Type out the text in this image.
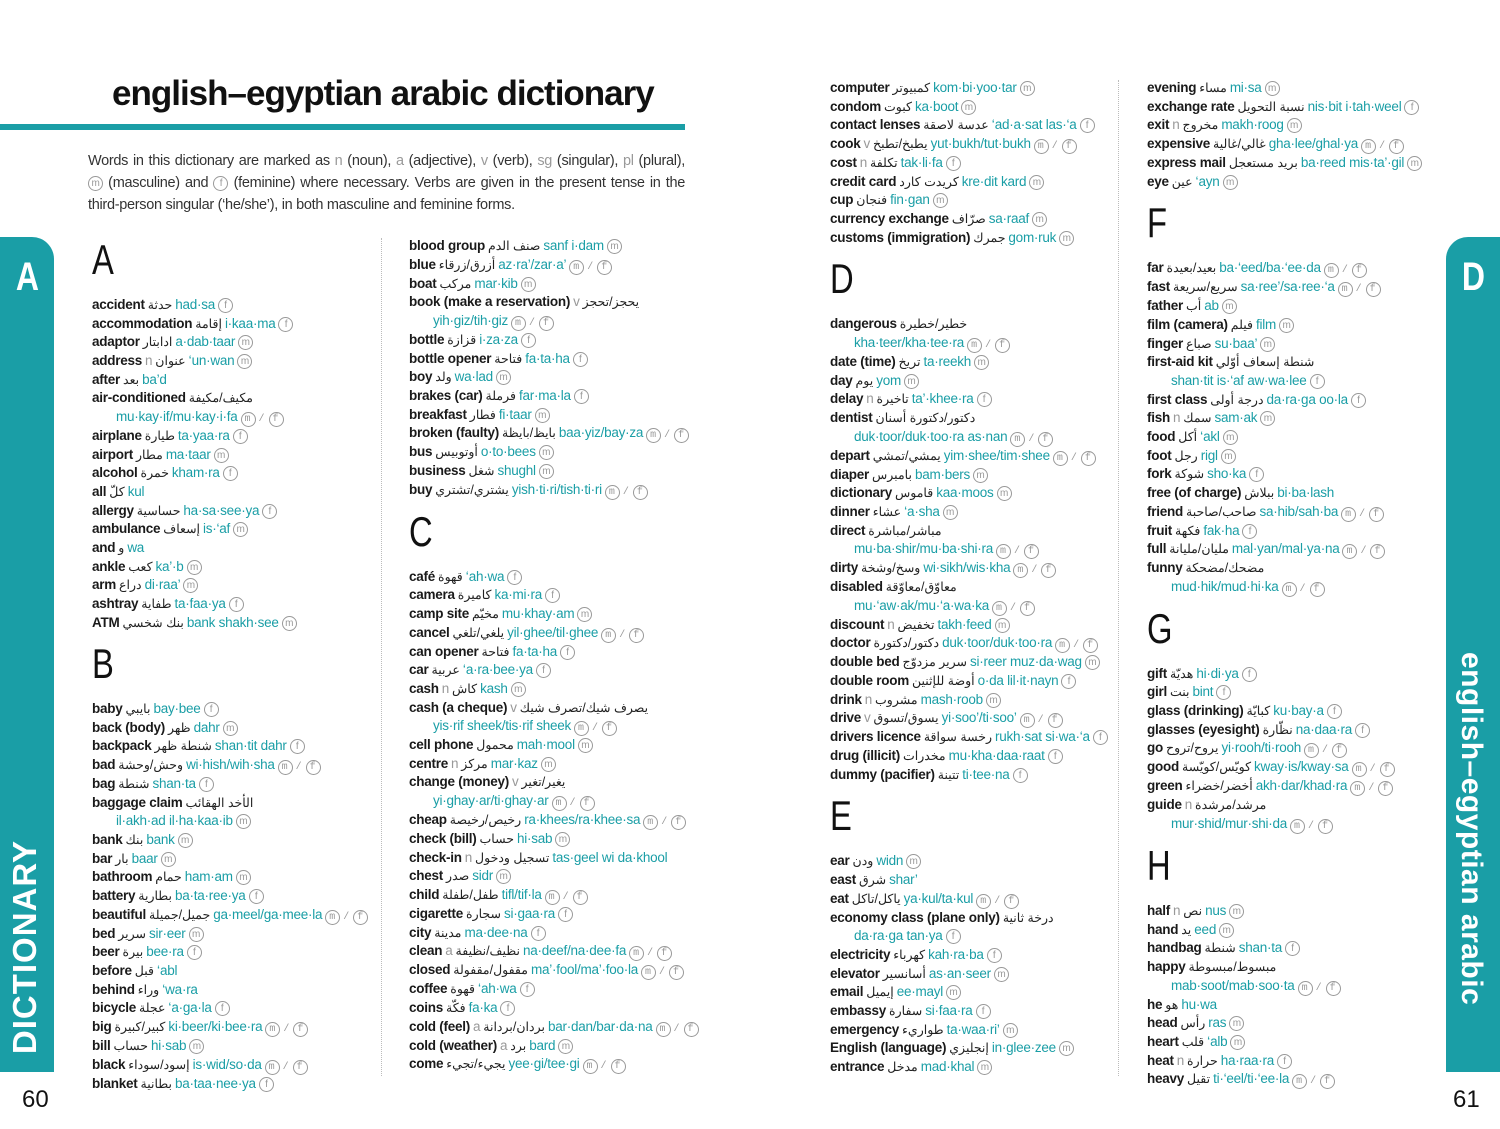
english–egyptian arabic dictionary
Words in this dictionary are marked as n (noun), a (adjective), v (verb), sg (singular), pl (plural), m (masculine) and f (feminine) where necessary. Verbs are given in the present tense in the third-person singular (‘he/she’), in both masculine and feminine forms.
A
accident حدثة had·sa f
accommodation إقامة i·kaa·ma f
adaptor ادابتار a·dab·taar m
address n عنوان ‘un·wan m
after بعد ba’d
air-conditioned مكيف/مكيفة
mu·kay·if/mu·kay·i·fa m/f
airplane طيارة ta·yaa·ra f
airport مطار ma·taar m
alcohol خمرة kham·ra f
all كلّ kul
allergy حساسية ha·sa·see·ya f
ambulance إسعاف is·‘af m
and و wa
ankle كعب ka’·b m
arm دراع di·raa’ m
ashtray طفاية ta·faa·ya f
ATM بنك شخسي bank shakh·see m
B
baby بايبي bay·bee f
back (body) ظهر dahr m
backpack شنطة ظهر shan·tit dahr f
bad وحش/وحشة wi·hish/wih·sha m/f
bag شنطة shan·ta f
baggage claim الأخد الهقائب
il·akh·ad il·ha·kaa·ib m
bank بنك bank m
bar بار baar m
bathroom حمام ham·am m
battery بطارية ba·ta·ree·ya f
beautiful جميل/جميلة ga·meel/ga·mee·la m/f
bed سرير sir·eer m
beer بيرة bee·ra f
before قبل ‘abl
behind وراء ‘wa·ra
bicycle عجلة ‘a·ga·la f
big كبير/كبيرة ki·beer/ki·bee·ra m/f
bill حساب hi·sab m
black إسود/سوداء is·wid/so·da m/f
blanket بطانية ba·taa·nee·ya f
blood group صنف الدم sanf i·dam m
blue أزرق/زرقاء az·ra’/zar·a’ m/f
boat مركب mar·kib m
book (make a reservation) v يحجز/تحجز
yih·giz/tih·giz m/f
bottle قزازة i·za·za f
bottle opener فتاحة fa·ta·ha f
boy ولد wa·lad m
brakes (car) فرملة far·ma·la f
breakfast فطار fi·taar m
broken (faulty) بايظ/بايظة baa·yiz/bay·za m/f
bus أوتوبيس o·to·bees m
business شغل shughl m
buy يشتري/تشتري yish·ti·ri/tish·ti·ri m/f
C
café قهوة ‘ah·wa f
camera كاميرة ka·mi·ra f
camp site مخيّم mu·khay·am m
cancel يلغي/تلغي yil·ghee/til·ghee m/f
can opener فتاحة fa·ta·ha f
car عربية ‘a·ra·bee·ya f
cash n كاش kash m
cash (a cheque) v يصرف شيك/تصرف شيك
yis·rif sheek/tis·rif sheek m/f
cell phone محمول mah·mool m
centre n مركز mar·kaz m
change (money) v يغير/تغير
yi·ghay·ar/ti·ghay·ar m/f
cheap رخيص/رخيصة ra·khees/ra·khee·sa m/f
check (bill) حساب hi·sab m
check-in n تسجيل ودخول tas·geel wi da·khool
chest صدر sidr m
child طفل/طفلة tifl/tif·la m/f
cigarette سجارة si·gaa·ra f
city مدينة ma·dee·na f
clean a نظيف/نظيفة na·deef/na·dee·fa m/f
closed مقفول/مقفولة ma’·fool/ma’·foo·la m/f
coffee قهوة ‘ah·wa f
coins فكّة fa·ka f
cold (feel) a بردان/بردانة bar·dan/bar·da·na m/f
cold (weather) a برد bard m
come يجيء/تجيء yee·gi/tee·gi m/f
computer كمبيوتر kom·bi·yoo·tar m
condom كبوت ka·boot m
contact lenses عدسة لاصقة ‘ad·a·sat las·‘a f
cook v يطبخ/تطبخ yut·bukh/tut·bukh m/f
cost n تكلفة tak·li·fa f
credit card كريدت كارد kre·dit kard m
cup فنجان fin·gan m
currency exchange صرّاف sa·raaf m
customs (immigration) جمرك gom·ruk m
D
dangerous خطير/خطيرة
kha·teer/kha·tee·ra m/f
date (time) تريخ ta·reekh m
day يوم yom m
delay n تاخيرة ta’·khee·ra f
dentist دكتور/دكتورة أسنان
duk·toor/duk·too·ra as·nan m/f
depart يمشي/تمشي yim·shee/tim·shee m/f
diaper بامبرس bam·bers m
dictionary قاموس kaa·moos m
dinner عشاء ‘a·sha m
direct مباشر/مباشرة
mu·ba·shir/mu·ba·shi·ra m/f
dirty وسخ/وشخة wi·sikh/wis·kha m/f
disabled معاوّق/معاوّقة
mu·‘aw·ak/mu·‘a·wa·ka m/f
discount n تخفيض takh·feed m
doctor دكتور/دكتورة duk·toor/duk·too·ra m/f
double bed سرير مزدوّج si·reer muz·da·wag m
double room أوضة للإثنين o·da lil·it·nayn f
drink n مشروب mash·roob m
drive v يسوق/تسوق yi·soo’/ti·soo’ m/f
drivers licence رخسة سواقة rukh·sat si·wa·‘a f
drug (illicit) مخدرات mu·kha·daa·raat f
dummy (pacifier) تتينة ti·tee·na f
E
ear ودن widn m
east شرق shar’
eat ياكل/تاكل ya·kul/ta·kul m/f
economy class (plane only) درخة ثانية
da·ra·ga tan·ya f
electricity كهرباء kah·ra·ba f
elevator أسانسير as·an·seer m
email إيميل ee·mayl m
embassy سفارة si·faa·ra f
emergency طواريء ta·waa·ri’ m
English (language) إنجليزي in·glee·zee m
entrance مدخل mad·khal m
evening مساء mi·sa m
exchange rate نسبة التحويل nis·bit i·tah·weel f
exit n مخروج makh·roog m
expensive غالي/غالية gha·lee/ghal·ya m/f
express mail بريد مستعجل ba·reed mis·ta’·gil m
eye عين ‘ayn m
F
far بعيد/بعيدة ba·‘eed/ba·‘ee·da m/f
fast سريع/سريعة sa·ree’/sa·ree·‘a m/f
father أب ab m
film (camera) فيلم film m
finger صباع su·baa’ m
first-aid kit شنطة إسعاف أوّلي
shan·tit is·‘af aw·wa·lee f
first class درجة أولى da·ra·ga oo·la f
fish n سمك sam·ak m
food أكل ‘akl m
foot رجل rigl m
fork شوكة sho·ka f
free (of charge) ببلاش bi·ba·lash
friend صاحب/صاحبة sa·hib/sah·ba m/f
fruit فكهة fak·ha f
full مليان/مليانة mal·yan/mal·ya·na m/f
funny مضحك/مضحكة
mud·hik/mud·hi·ka m/f
G
gift هديّة hi·di·ya f
girl بنت bint f
glass (drinking) كبايّة ku·bay·a f
glasses (eyesight) نظّارة na·daa·ra f
go يروح/تروح yi·rooh/ti·rooh m/f
good كويّس/كويّسة kway·is/kway·sa m/f
green أخضر/خضراء akh·dar/khad·ra m/f
guide n مرشد/مرشدة
mur·shid/mur·shi·da m/f
H
half n نص nus m
hand يد eed m
handbag شنطة shan·ta f
happy مبسوط/مبسوطة
mab·soot/mab·soo·ta m/f
he هو hu·wa
head رأس ras m
heart قلب ‘alb m
heat n حرارة ha·raa·ra f
heavy تقيل ti·‘eel/ti·‘ee·la m/f
A
DICTIONARY
D
english–egyptian arabic
60	61
